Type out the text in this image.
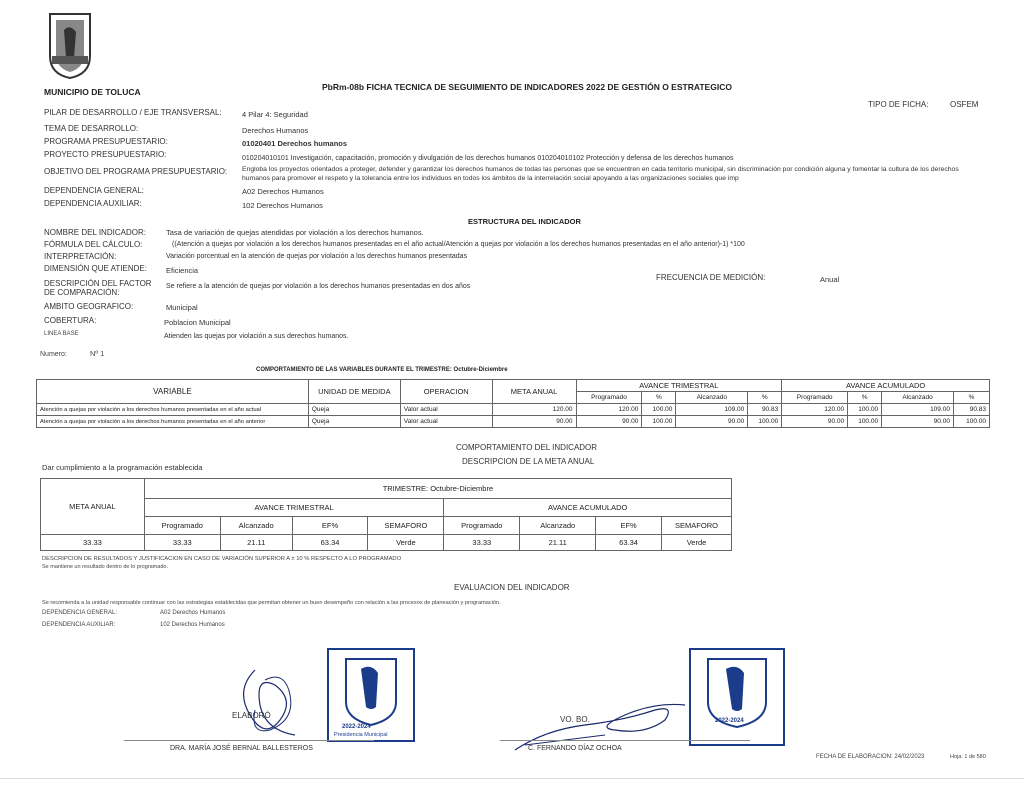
MUNICIPIO DE TOLUCA	PbRm-08b FICHA TECNICA DE SEGUIMIENTO DE INDICADORES 2022 DE GESTIÓN O ESTRATEGICO
TIPO DE FICHA:	OSFEM
PILAR DE DESARROLLO / EJE TRANSVERSAL:	4 Pilar 4: Seguridad
TEMA DE DESARROLLO:	Derechos Humanos
PROGRAMA PRESUPUESTARIO:	01020401 Derechos humanos
PROYECTO PRESUPUESTARIO:	010204010101 Investigación, capacitación, promoción y divulgación de los derechos humanos 010204010102 Protección y defensa de los derechos humanos
OBJETIVO DEL PROGRAMA PRESUPUESTARIO: Engloba los proyectos orientados a proteger, defender y garantizar los derechos humanos de todas las personas que se encuentren en cada territorio municipal, sin discriminación por condición alguna y fomentar la cultura de los derechos humanos para promover el respeto y la tolerancia entre los individuos en todos los ámbitos de la interrelación social apoyando a las organizaciones sociales que imp
DEPENDENCIA GENERAL:	A02 Derechos Humanos
DEPENDENCIA AUXILIAR:	102 Derechos Humanos
ESTRUCTURA DEL INDICADOR
NOMBRE DEL INDICADOR:	Tasa de variación de quejas atendidas por violación a los derechos humanos.
FÓRMULA DEL CÁLCULO:	((Atención a quejas por violación a los derechos humanos presentadas en el año actual/Atención a quejas por violación a los derechos humanos presentadas en el año anterior)-1) *100
INTERPRETACIÓN:	Variación porcentual en la atención de quejas por violación a los derechos humanos presentadas
DIMENSIÓN QUE ATIENDE:	Eficiencia
DESCRIPCIÓN DEL FACTOR DE COMPARACIÓN:
Se refiere a la atención de quejas por violación a los derechos humanos presentadas en dos años
AMBITO GEOGRAFICO:	Municipal
COBERTURA:	Poblacion Municipal
LINEA BASE	Atienden las quejas por violación a sus derechos humanos.
FRECUENCIA DE MEDICIÓN:	Anual
Numero:	Nº 1
COMPORTAMIENTO DE LAS VARIABLES DURANTE EL TRIMESTRE: Octubre-Diciembre
VARIABLE	UNIDAD DE MEDIDA	OPERACION	META ANUAL	AVANCE TRIMESTRAL				AVANCE ACUMULADO			
				Programado	%	Alcanzado	%	Programado	%	Alcanzado	%
Atención a quejas por violación a los derechos humanos presentadas en el año actual	Queja	Valor actual	120.00	120.00	100.00	109.00	90.83	120.00	100.00	109.00	90.83
Atención a quejas por violación a los derechos humanos presentadas en el año anterior	Queja	Valor actual	90.00	90.00	100.00	90.00	100.00	90.00	100.00	90.00	100.00
COMPORTAMIENTO DEL INDICADOR
DESCRIPCION DE LA META ANUAL
Dar cumplimiento a la programación establecida
META ANUAL	TRIMESTRE: Octubre-Diciembre							
	AVANCE TRIMESTRAL				AVANCE ACUMULADO			
	Programado	Alcanzado	EF%	SEMAFORO	Programado	Alcanzado	EF%	SEMAFORO
33.33	33.33	21.11	63.34	Verde	33.33	21.11	63.34	Verde
DESCRIPCION DE RESULTADOS Y JUSTIFICACION EN CASO DE VARIACIÓN SUPERIOR A ± 10 % RESPECTO A LO PROGRAMADO
Se mantiene un resultado dentro de lo programado.
EVALUACION DEL INDICADOR
Se recomienda a la unidad responsable continuar con las estrategias establecidas que permitan obtener un buen desempeño con relación a las procesos de planeación y programación.
DEPENDENCIA GENERAL:	A02 Derechos Humanos
DEPENDENCIA AUXILIAR:	102 Derechos Humanos
2022-2024
Presidencia Municipal
ELABORÓ
DRA. MARÍA JOSÉ BERNAL BALLESTEROS
2022-2024
VO. BO.
C. FERNANDO DÍAZ OCHOA
FECHA DE ELABORACION: 24/02/2023	Hoja: 1 de 580
